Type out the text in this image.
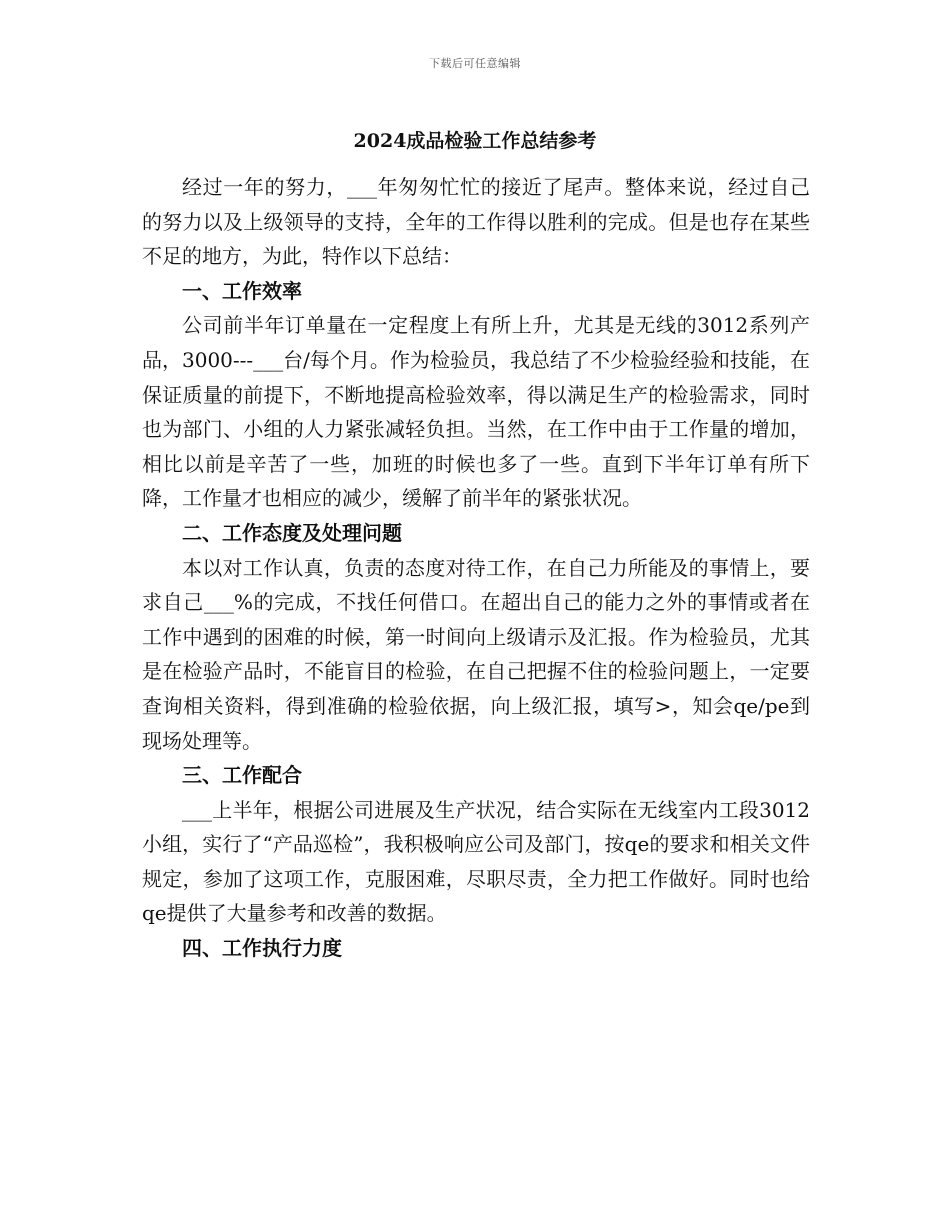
下载后可任意编辑
2024成品检验工作总结参考

经过一年的努力，___年匆匆忙忙的接近了尾声。整体来说，经过自己的努力以及上级领导的支持，全年的工作得以胜利的完成。但是也存在某些不足的地方，为此，特作以下总结：

一、工作效率

公司前半年订单量在一定程度上有所上升，尤其是无线的3012系列产品，3000---___台/每个月。作为检验员，我总结了不少检验经验和技能，在保证质量的前提下，不断地提高检验效率，得以满足生产的检验需求，同时也为部门、小组的人力紧张减轻负担。当然，在工作中由于工作量的增加，相比以前是辛苦了一些，加班的时候也多了一些。直到下半年订单有所下降，工作量才也相应的减少，缓解了前半年的紧张状况。

二、工作态度及处理问题

本以对工作认真，负责的态度对待工作，在自己力所能及的事情上，要求自己___%的完成，不找任何借口。在超出自己的能力之外的事情或者在工作中遇到的困难的时候，第一时间向上级请示及汇报。作为检验员，尤其是在检验产品时，不能盲目的检验，在自己把握不住的检验问题上，一定要查询相关资料，得到准确的检验依据，向上级汇报，填写>，知会qe/pe到现场处理等。

三、工作配合

___上半年，根据公司进展及生产状况，结合实际在无线室内工段3012小组，实行了“产品巡检”，我积极响应公司及部门，按qe的要求和相关文件规定，参加了这项工作，克服困难，尽职尽责，全力把工作做好。同时也给qe提供了大量参考和改善的数据。

四、工作执行力度
